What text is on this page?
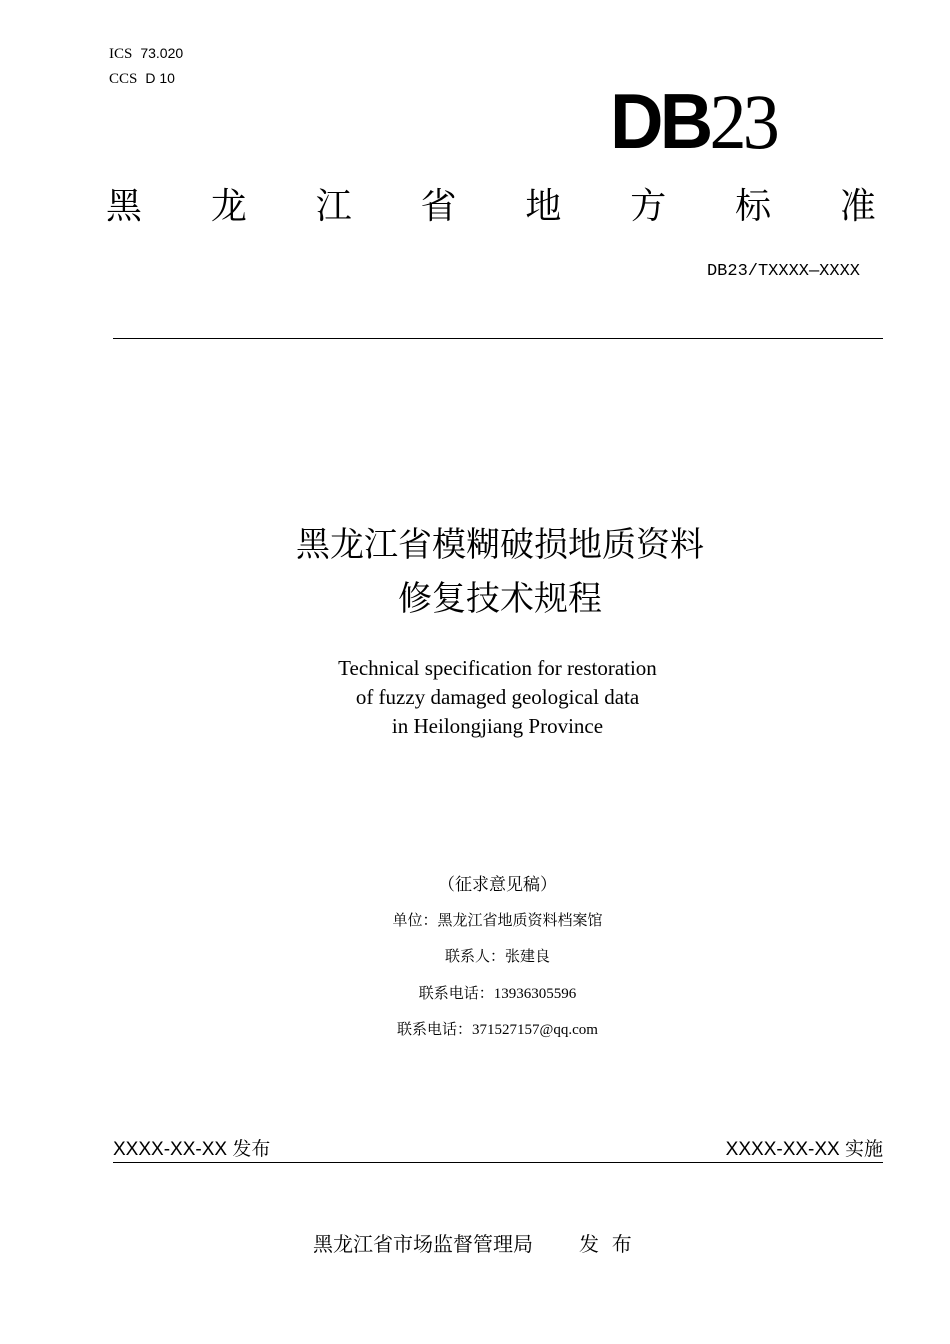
ICS 73.020
CCS D 10	DB23
黑 龙 江 省 地 方 标 准
DB23/TXXXX—XXXX
黑龙江省模糊破损地质资料
修复技术规程
Technical specification for restoration
of fuzzy damaged geological data
in Heilongjiang Province
（征求意见稿）
单位：黑龙江省地质资料档案馆
联系人：张建良
联系电话：13936305596
联系电话：371527157@qq.com
XXXX-XX-XX 发布	XXXX-XX-XX 实施
黑龙江省市场监督管理局 发  布
